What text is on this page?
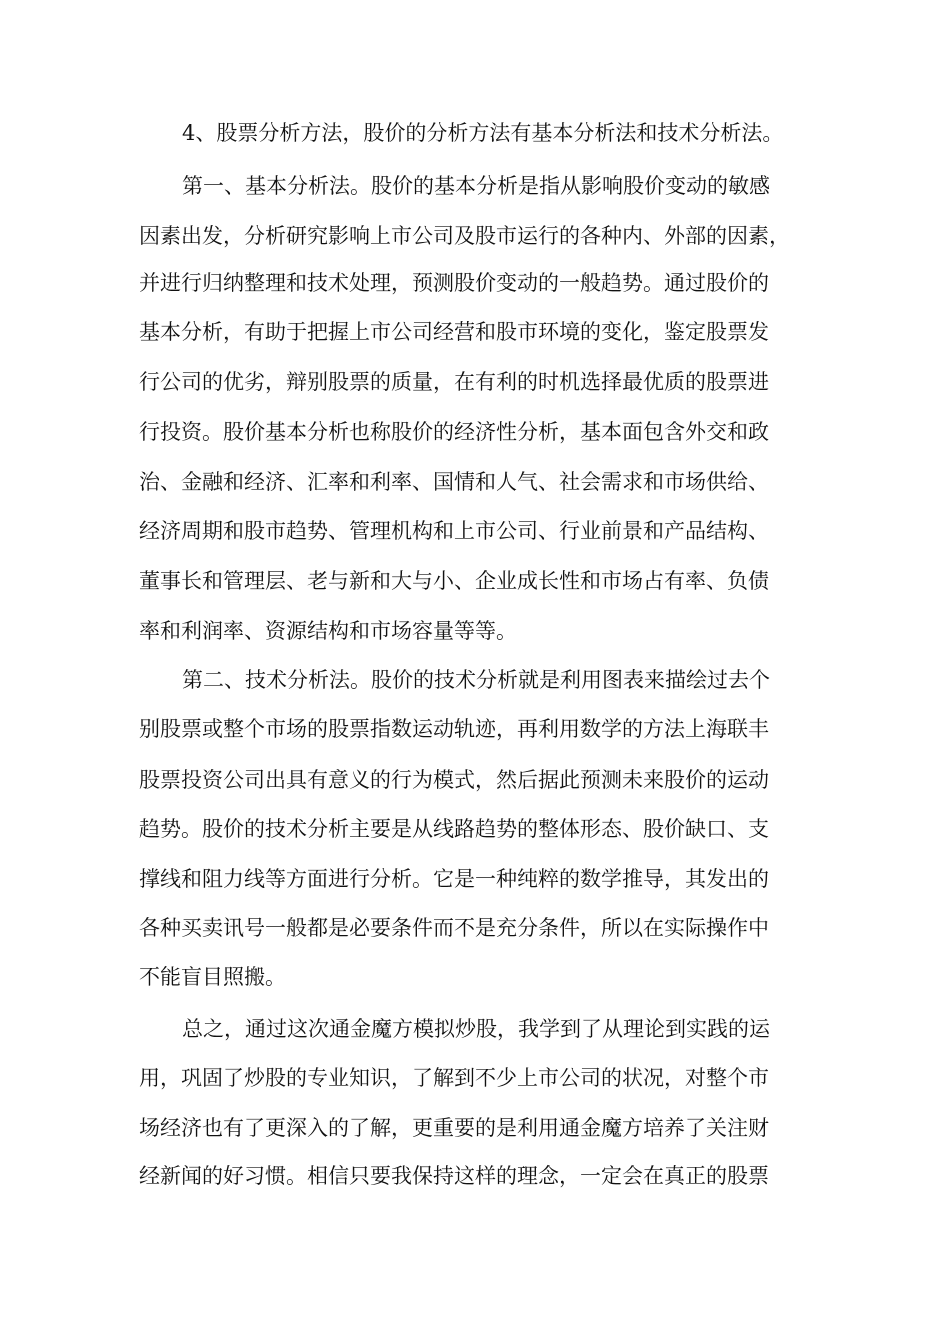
4、股票分析方法，股价的分析方法有基本分析法和技术分析法。

第一、基本分析法。股价的基本分析是指从影响股价变动的敏感

因素出发，分析研究影响上市公司及股市运行的各种内、外部的因素，

并进行归纳整理和技术处理，预测股价变动的一般趋势。通过股价的

基本分析，有助于把握上市公司经营和股市环境的变化，鉴定股票发

行公司的优劣，辩别股票的质量，在有利的时机选择最优质的股票进

行投资。股价基本分析也称股价的经济性分析，基本面包含外交和政

治、金融和经济、汇率和利率、国情和人气、社会需求和市场供给、

经济周期和股市趋势、管理机构和上市公司、行业前景和产品结构、

董事长和管理层、老与新和大与小、企业成长性和市场占有率、负债

率和利润率、资源结构和市场容量等等。

第二、技术分析法。股价的技术分析就是利用图表来描绘过去个

别股票或整个市场的股票指数运动轨迹，再利用数学的方法上海联丰

股票投资公司出具有意义的行为模式，然后据此预测未来股价的运动

趋势。股价的技术分析主要是从线路趋势的整体形态、股价缺口、支

撑线和阻力线等方面进行分析。它是一种纯粹的数学推导，其发出的

各种买卖讯号一般都是必要条件而不是充分条件，所以在实际操作中

不能盲目照搬。

总之，通过这次通金魔方模拟炒股，我学到了从理论到实践的运

用，巩固了炒股的专业知识，了解到不少上市公司的状况，对整个市

场经济也有了更深入的了解，更重要的是利用通金魔方培养了关注财

经新闻的好习惯。相信只要我保持这样的理念，一定会在真正的股票
